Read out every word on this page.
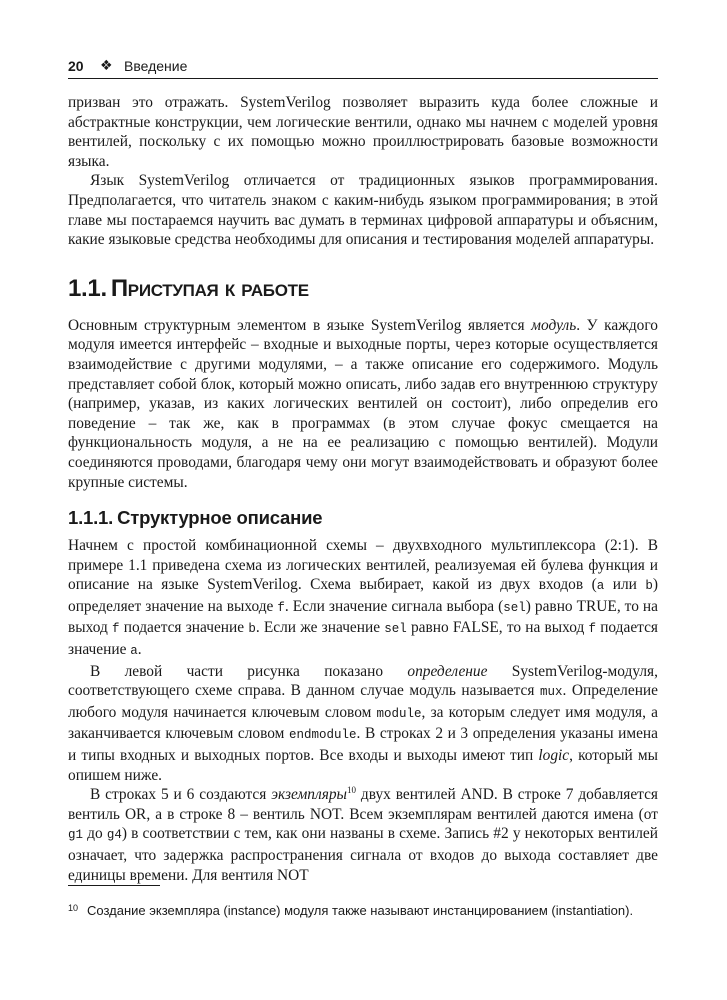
20 ❖ Введение

призван это отражать. SystemVerilog позволяет выразить куда более сложные и абстрактные конструкции, чем логические вентили, однако мы начнем с моделей уровня вентилей, поскольку с их помощью можно проиллюстрировать базовые возможности языка.

Язык SystemVerilog отличается от традиционных языков программирования. Предполагается, что читатель знаком с каким-нибудь языком программирования; в этой главе мы постараемся научить вас думать в терминах цифровой аппаратуры и объясним, какие языковые средства необходимы для описания и тестирования моделей аппаратуры.

1.1. Приступая к работе

Основным структурным элементом в языке SystemVerilog является модуль. У каждого модуля имеется интерфейс – входные и выходные порты, через которые осуществляется взаимодействие с другими модулями, – а также описание его содержимого. Модуль представляет собой блок, который можно описать, либо задав его внутреннюю структуру (например, указав, из каких логических вентилей он состоит), либо определив его поведение – так же, как в программах (в этом случае фокус смещается на функциональность модуля, а не на ее реализацию с помощью вентилей). Модули соединяются проводами, благодаря чему они могут взаимодействовать и образуют более крупные системы.

1.1.1. Структурное описание

Начнем с простой комбинационной схемы – двухвходного мультиплексора (2:1). В примере 1.1 приведена схема из логических вентилей, реализуемая ей булева функция и описание на языке SystemVerilog. Схема выбирает, какой из двух входов (a или b) определяет значение на выходе f. Если значение сигнала выбора (sel) равно TRUE, то на выход f подается значение b. Если же значение sel равно FALSE, то на выход f подается значение a.

В левой части рисунка показано определение SystemVerilog-модуля, соответствующего схеме справа. В данном случае модуль называется mux. Определение любого модуля начинается ключевым словом module, за которым следует имя модуля, а заканчивается ключевым словом endmodule. В строках 2 и 3 определения указаны имена и типы входных и выходных портов. Все входы и выходы имеют тип logic, который мы опишем ниже.

В строках 5 и 6 создаются экземпляры$^{10}$ двух вентилей AND. В строке 7 добавляется вентиль OR, а в строке 8 – вентиль NOT. Всем экземплярам вентилей даются имена (от g1 до g4) в соответствии с тем, как они названы в схеме. Запись #2 у некоторых вентилей означает, что задержка распространения сигнала от входов до выхода составляет две единицы времени. Для вентиля NOT

10 Создание экземпляра (instance) модуля также называют инстанцированием (instantiation).
